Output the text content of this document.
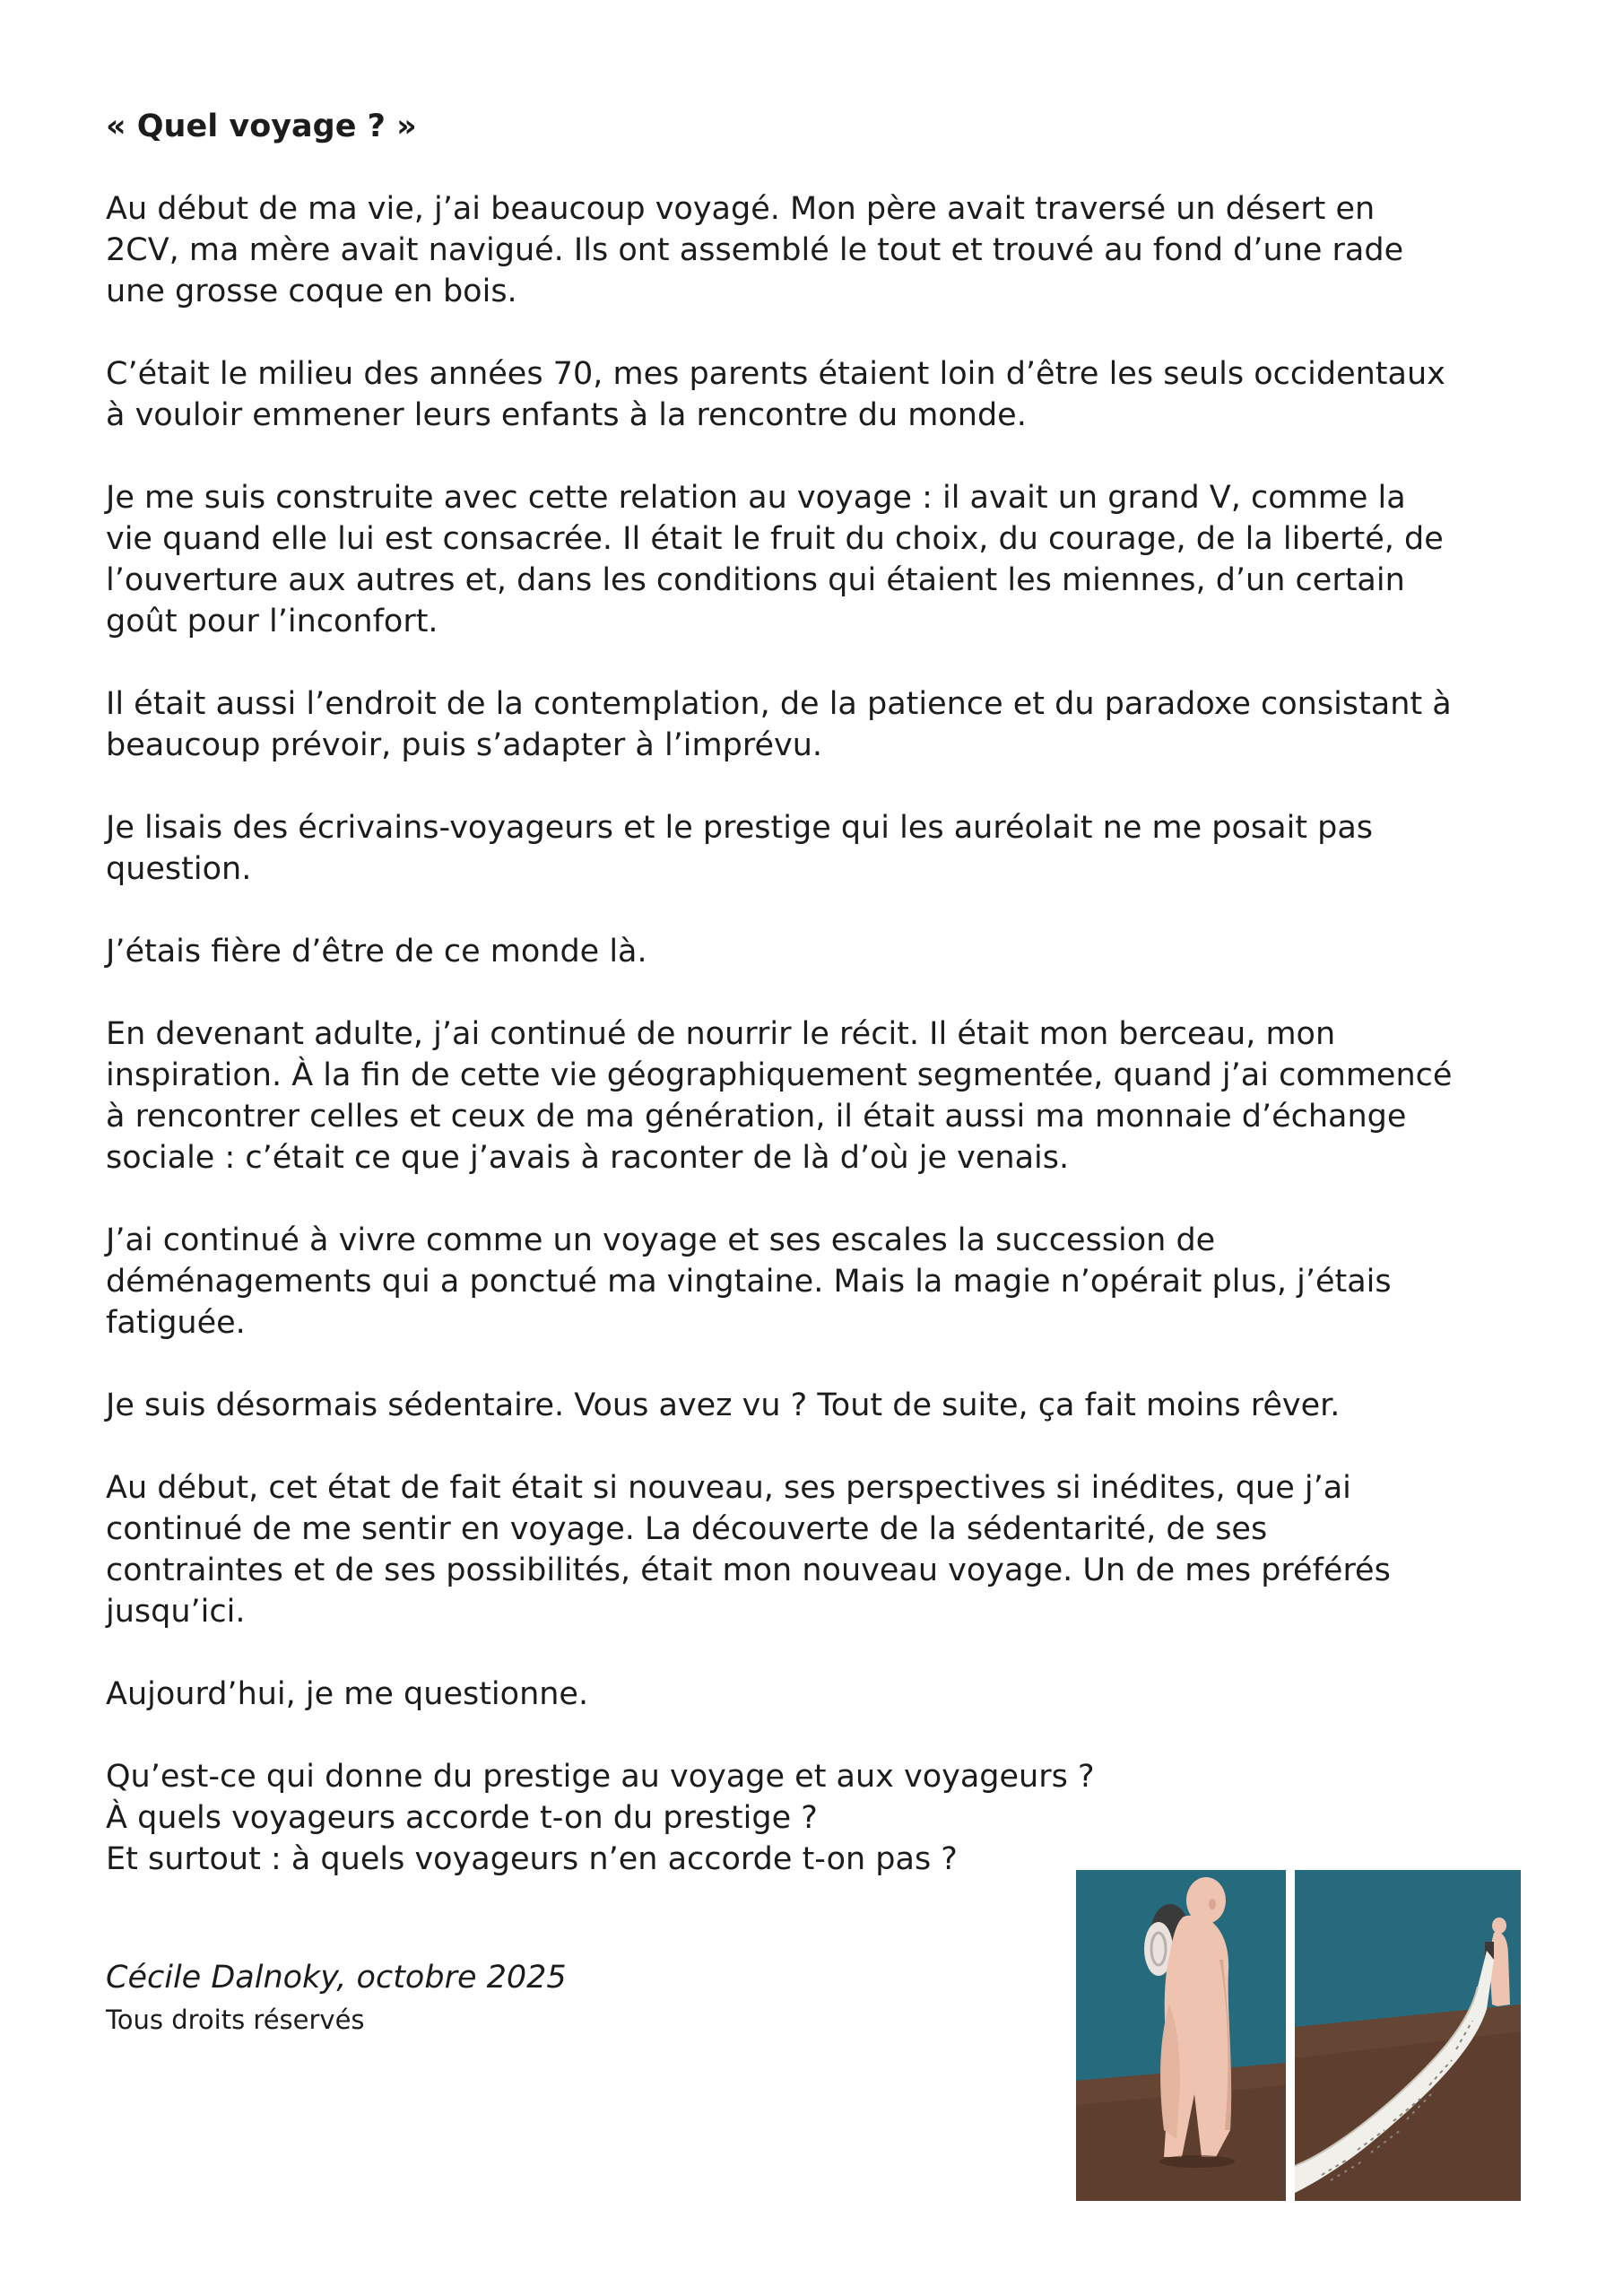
« Quel voyage ? »

Au début de ma vie, j’ai beaucoup voyagé. Mon père avait traversé un désert en
2CV, ma mère avait navigué. Ils ont assemblé le tout et trouvé au fond d’une rade
une grosse coque en bois.

C’était le milieu des années 70, mes parents étaient loin d’être les seuls occidentaux
à vouloir emmener leurs enfants à la rencontre du monde.

Je me suis construite avec cette relation au voyage : il avait un grand V, comme la
vie quand elle lui est consacrée. Il était le fruit du choix, du courage, de la liberté, de
l’ouverture aux autres et, dans les conditions qui étaient les miennes, d’un certain
goût pour l’inconfort.

Il était aussi l’endroit de la contemplation, de la patience et du paradoxe consistant à
beaucoup prévoir, puis s’adapter à l’imprévu.

Je lisais des écrivains-voyageurs et le prestige qui les auréolait ne me posait pas
question.

J’étais fière d’être de ce monde là.

En devenant adulte, j’ai continué de nourrir le récit. Il était mon berceau, mon
inspiration. À la fin de cette vie géographiquement segmentée, quand j’ai commencé
à rencontrer celles et ceux de ma génération, il était aussi ma monnaie d’échange
sociale : c’était ce que j’avais à raconter de là d’où je venais.

J’ai continué à vivre comme un voyage et ses escales la succession de
déménagements qui a ponctué ma vingtaine. Mais la magie n’opérait plus, j’étais
fatiguée.

Je suis désormais sédentaire. Vous avez vu ? Tout de suite, ça fait moins rêver.

Au début, cet état de fait était si nouveau, ses perspectives si inédites, que j’ai
continué de me sentir en voyage. La découverte de la sédentarité, de ses
contraintes et de ses possibilités, était mon nouveau voyage. Un de mes préférés
jusqu’ici.

Aujourd’hui, je me questionne.

Qu’est-ce qui donne du prestige au voyage et aux voyageurs ?
À quels voyageurs accorde t-on du prestige ?
Et surtout : à quels voyageurs n’en accorde t-on pas ?

Cécile Dalnoky, octobre 2025
Tous droits réservés
